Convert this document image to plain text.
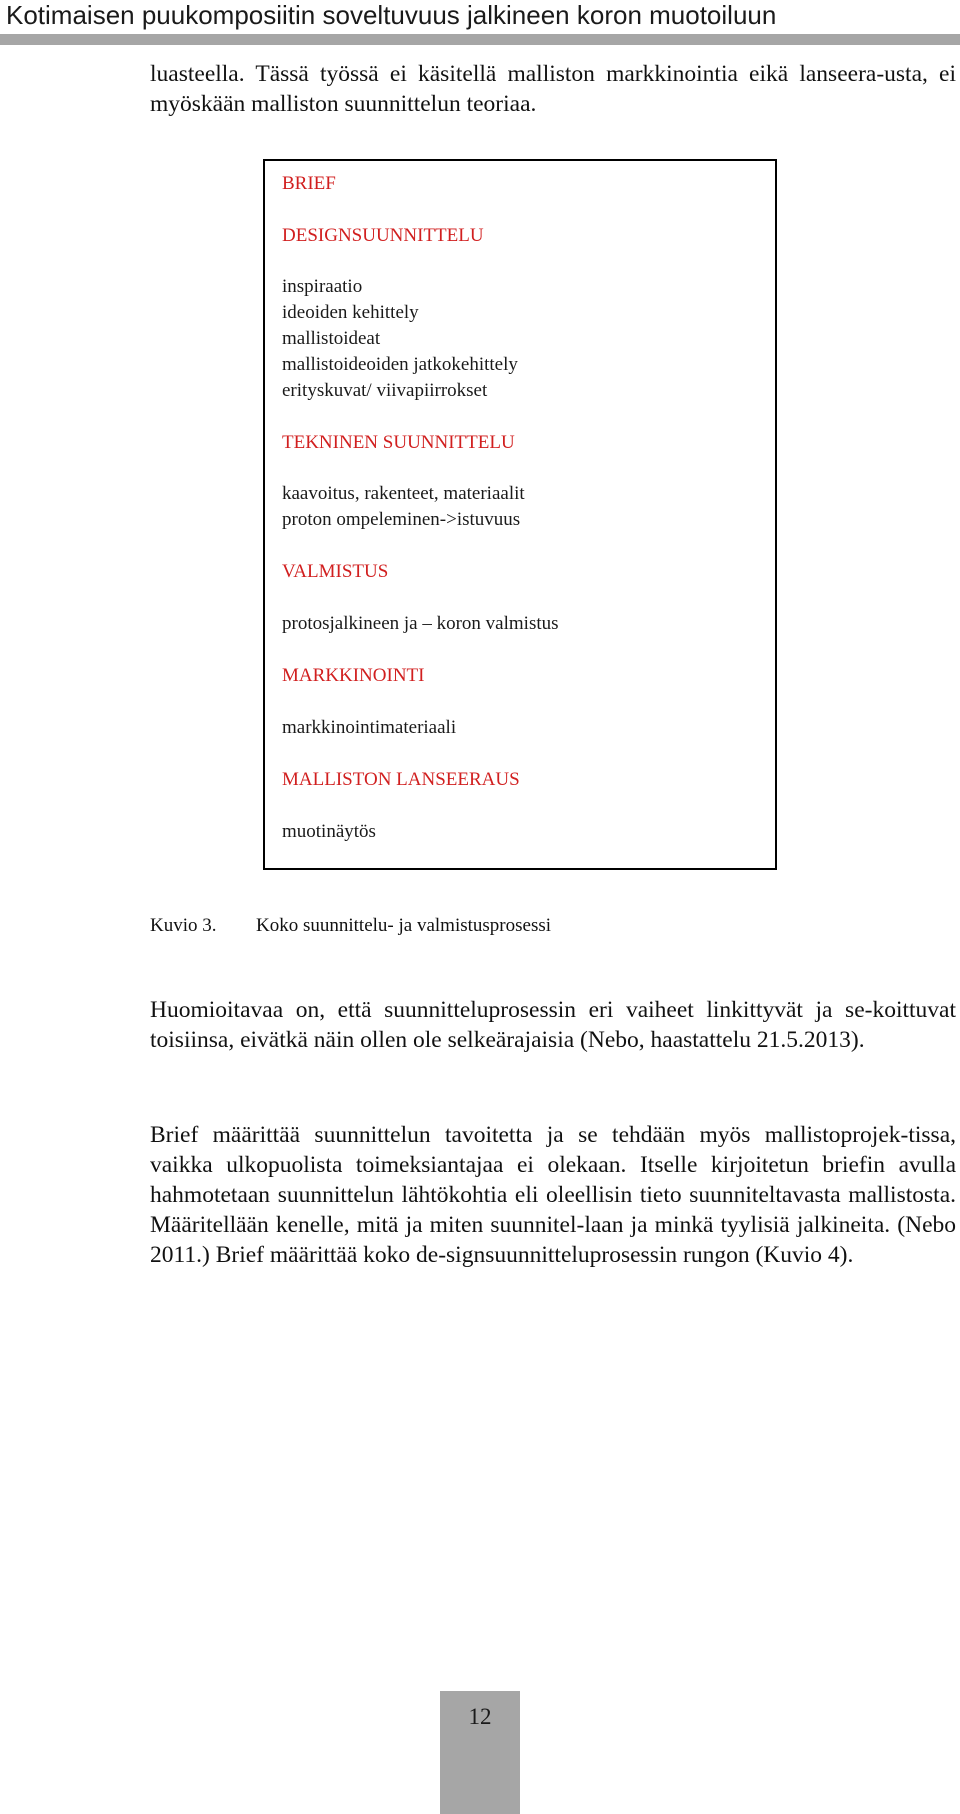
Kotimaisen puukomposiitin soveltuvuus jalkineen koron muotoiluun
luasteella. Tässä työssä ei käsitellä malliston markkinointia eikä lanseera-usta, ei myöskään malliston suunnittelun teoriaa.
BRIEF
DESIGNSUUNNITTELU
inspiraatio
ideoiden kehittely
mallistoideat
mallistoideoiden jatkokehittely
erityskuvat/ viivapiirrokset
TEKNINEN SUUNNITTELU
kaavoitus, rakenteet, materiaalit
proton ompeleminen->istuvuus
VALMISTUS
protosjalkineen ja – koron valmistus
MARKKINOINTI
markkinointimateriaali
MALLISTON LANSEERAUS
muotinäytös
Kuvio 3. Koko suunnittelu- ja valmistusprosessi
Huomioitavaa on, että suunnitteluprosessin eri vaiheet linkittyvät ja se-koittuvat toisiinsa, eivätkä näin ollen ole selkeärajaisia (Nebo, haastattelu 21.5.2013).
Brief määrittää suunnittelun tavoitetta ja se tehdään myös mallistoprojek-tissa, vaikka ulkopuolista toimeksiantajaa ei olekaan. Itselle kirjoitetun briefin avulla hahmotetaan suunnittelun lähtökohtia eli oleellisin tieto suunniteltavasta mallistosta. Määritellään kenelle, mitä ja miten suunnitel-laan ja minkä tyylisiä jalkineita. (Nebo 2011.) Brief määrittää koko de-signsuunnitteluprosessin rungon (Kuvio 4).
12
